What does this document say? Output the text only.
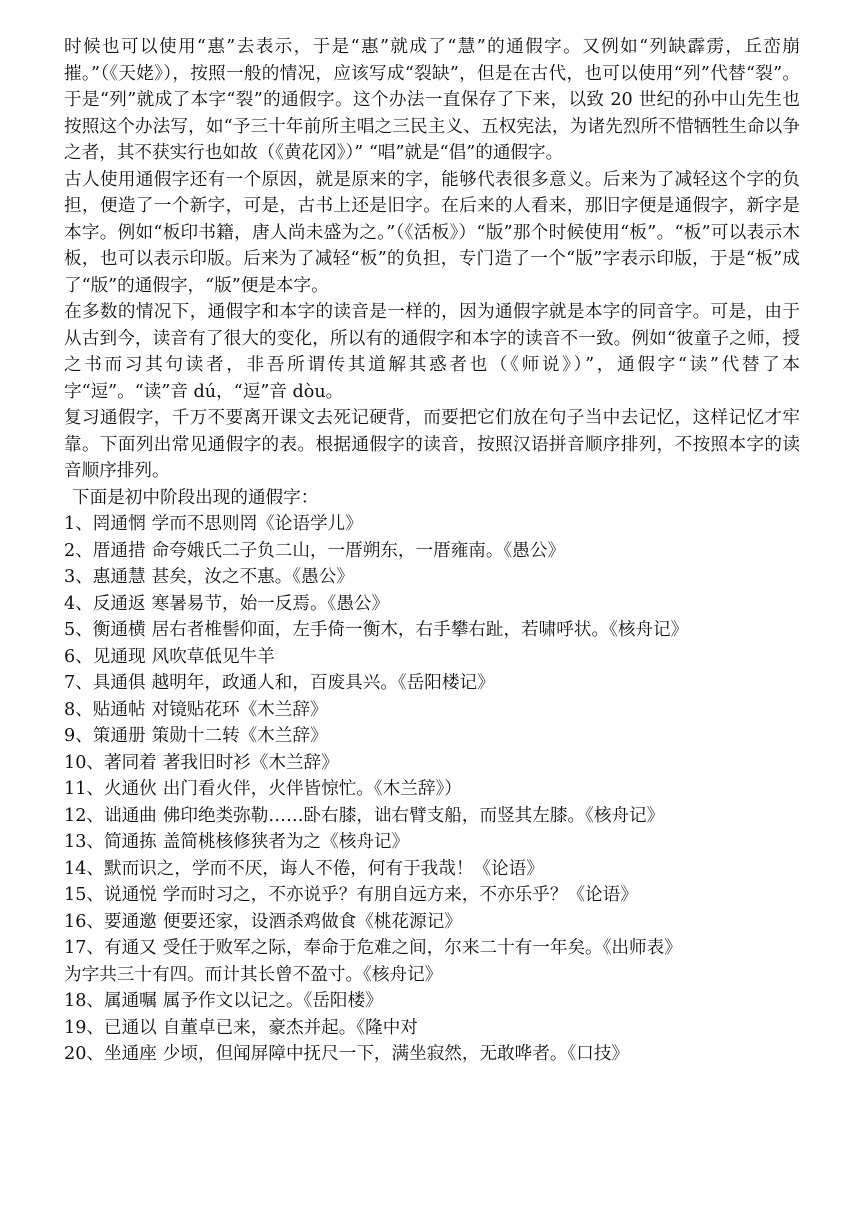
时候也可以使用“惠”去表示，于是“惠”就成了“慧”的通假字。又例如“列缺霹雳，丘峦崩摧。”（《天姥》），按照一般的情况，应该写成“裂缺”，但是在古代，也可以使用“列”代替“裂”。于是“列”就成了本字“裂”的通假字。这个办法一直保存了下来，以致 20 世纪的孙中山先生也按照这个办法写，如“予三十年前所主唱之三民主义、五权宪法，为诸先烈所不惜牺牲生命以争之者，其不获实行也如故（《黄花冈》）” “唱”就是“倡”的通假字。

古人使用通假字还有一个原因，就是原来的字，能够代表很多意义。后来为了减轻这个字的负担，便造了一个新字，可是，古书上还是旧字。在后来的人看来，那旧字便是通假字，新字是本字。例如“板印书籍，唐人尚未盛为之。”（《活板》）“版”那个时候使用“板”。“板”可以表示木板，也可以表示印版。后来为了减轻“板”的负担，专门造了一个“版”字表示印版，于是“板”成了“版”的通假字，“版”便是本字。

在多数的情况下，通假字和本字的读音是一样的，因为通假字就是本字的同音字。可是，由于从古到今，读音有了很大的变化，所以有的通假字和本字的读音不一致。例如“彼童子之师，授之书而习其句读者，非吾所谓传其道解其惑者也（《师说》）”，通假字“读”代替了本字“逗”。“读”音 dú，“逗”音 dòu。

复习通假字，千万不要离开课文去死记硬背，而要把它们放在句子当中去记忆，这样记忆才牢靠。下面列出常见通假字的表。根据通假字的读音，按照汉语拼音顺序排列，不按照本字的读音顺序排列。

下面是初中阶段出现的通假字：

1、罔通惘 学而不思则罔《论语学儿》

2、厝通措 命夸娥氏二子负二山，一厝朔东，一厝雍南。《愚公》

3、惠通慧 甚矣，汝之不惠。《愚公》

4、反通返 寒暑易节，始一反焉。《愚公》

5、衡通横 居右者椎髻仰面，左手倚一衡木，右手攀右趾，若啸呼状。《核舟记》

6、见通现 风吹草低见牛羊

7、具通俱 越明年，政通人和，百废具兴。《岳阳楼记》

8、贴通帖 对镜贴花环《木兰辞》

9、策通册 策勋十二转《木兰辞》

10、著同着 著我旧时衫《木兰辞》

11、火通伙 出门看火伴，火伴皆惊忙。《木兰辞》）

12、诎通曲 佛印绝类弥勒……卧右膝，诎右臂支船，而竖其左膝。《核舟记》

13、简通拣 盖简桃核修狭者为之《核舟记》

14、默而识之，学而不厌，诲人不倦，何有于我哉！《论语》

15、说通悦 学而时习之，不亦说乎？有朋自远方来，不亦乐乎？《论语》

16、要通邀 便要还家，设酒杀鸡做食《桃花源记》

17、有通又 受任于败军之际，奉命于危难之间，尔来二十有一年矣。《出师表》

为字共三十有四。而计其长曾不盈寸。《核舟记》

18、属通嘱 属予作文以记之。《岳阳楼》

19、已通以 自董卓已来，豪杰并起。《隆中对

20、坐通座 少顷，但闻屏障中抚尺一下，满坐寂然，无敢哗者。《口技》
